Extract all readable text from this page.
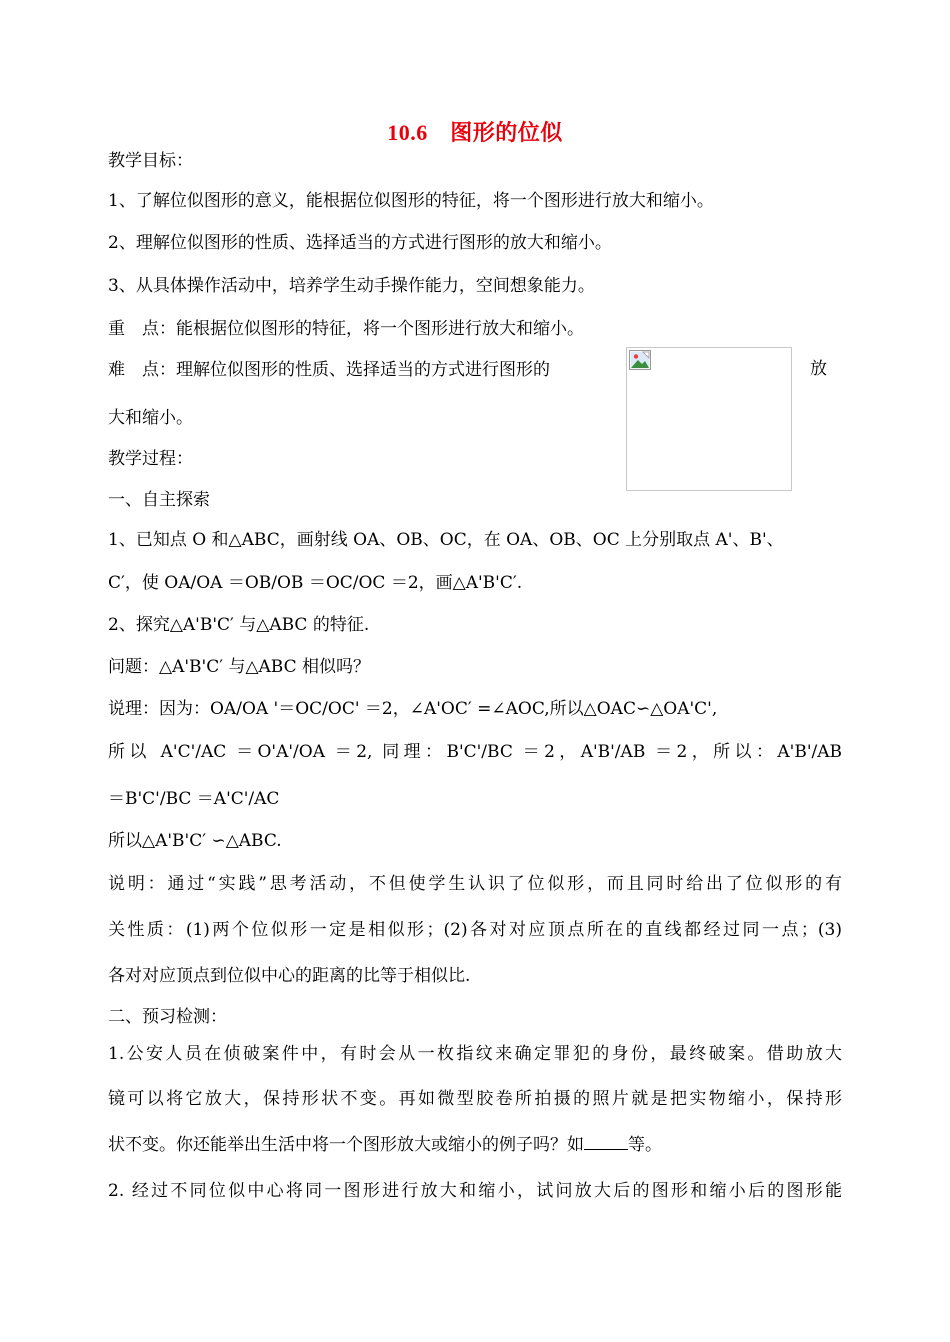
10.6　图形的位似
教学目标：
1、了解位似图形的意义，能根据位似图形的特征，将一个图形进行放大和缩小。
2、理解位似图形的性质、选择适当的方式进行图形的放大和缩小。
3、从具体操作活动中，培养学生动手操作能力，空间想象能力。
重　点：能根据位似图形的特征，将一个图形进行放大和缩小。
难　点：理解位似图形的性质、选择适当的方式进行图形的	放
大和缩小。
教学过程：
一、自主探索
1、已知点 O 和△ABC，画射线 OA、OB、OC，在 OA、OB、OC 上分别取点 A'、B'、
C′，使 OA/OA ＝OB/OB ＝OC/OC ＝2，画△A'B'C′.
2、探究△A'B'C′ 与△ABC 的特征.
问题：△A'B'C′ 与△ABC 相似吗？
说理：因为：OA/OA '＝OC/OC' ＝2，∠A'OC′ =∠AOC,所以△OAC∽△OA'C',
所以 A'C'/AC ＝O'A'/OA ＝2, 同理：B'C'/BC ＝2，A'B'/AB ＝2，所以：A'B'/AB
＝B'C'/BC ＝A'C'/AC
所以△A'B'C′ ∽△ABC.
说明：通过“实践”思考活动，不但使学生认识了位似形，而且同时给出了位似形的有
关性质：(1)两个位似形一定是相似形；(2)各对对应顶点所在的直线都经过同一点；(3)
各对对应顶点到位似中心的距离的比等于相似比.
二、预习检测：
1.公安人员在侦破案件中，有时会从一枚指纹来确定罪犯的身份，最终破案。借助放大
镜可以将它放大，保持形状不变。再如微型胶卷所拍摄的照片就是把实物缩小，保持形
状不变。你还能举出生活中将一个图形放大或缩小的例子吗？如	等。
2. 经过不同位似中心将同一图形进行放大和缩小，试问放大后的图形和缩小后的图形能
